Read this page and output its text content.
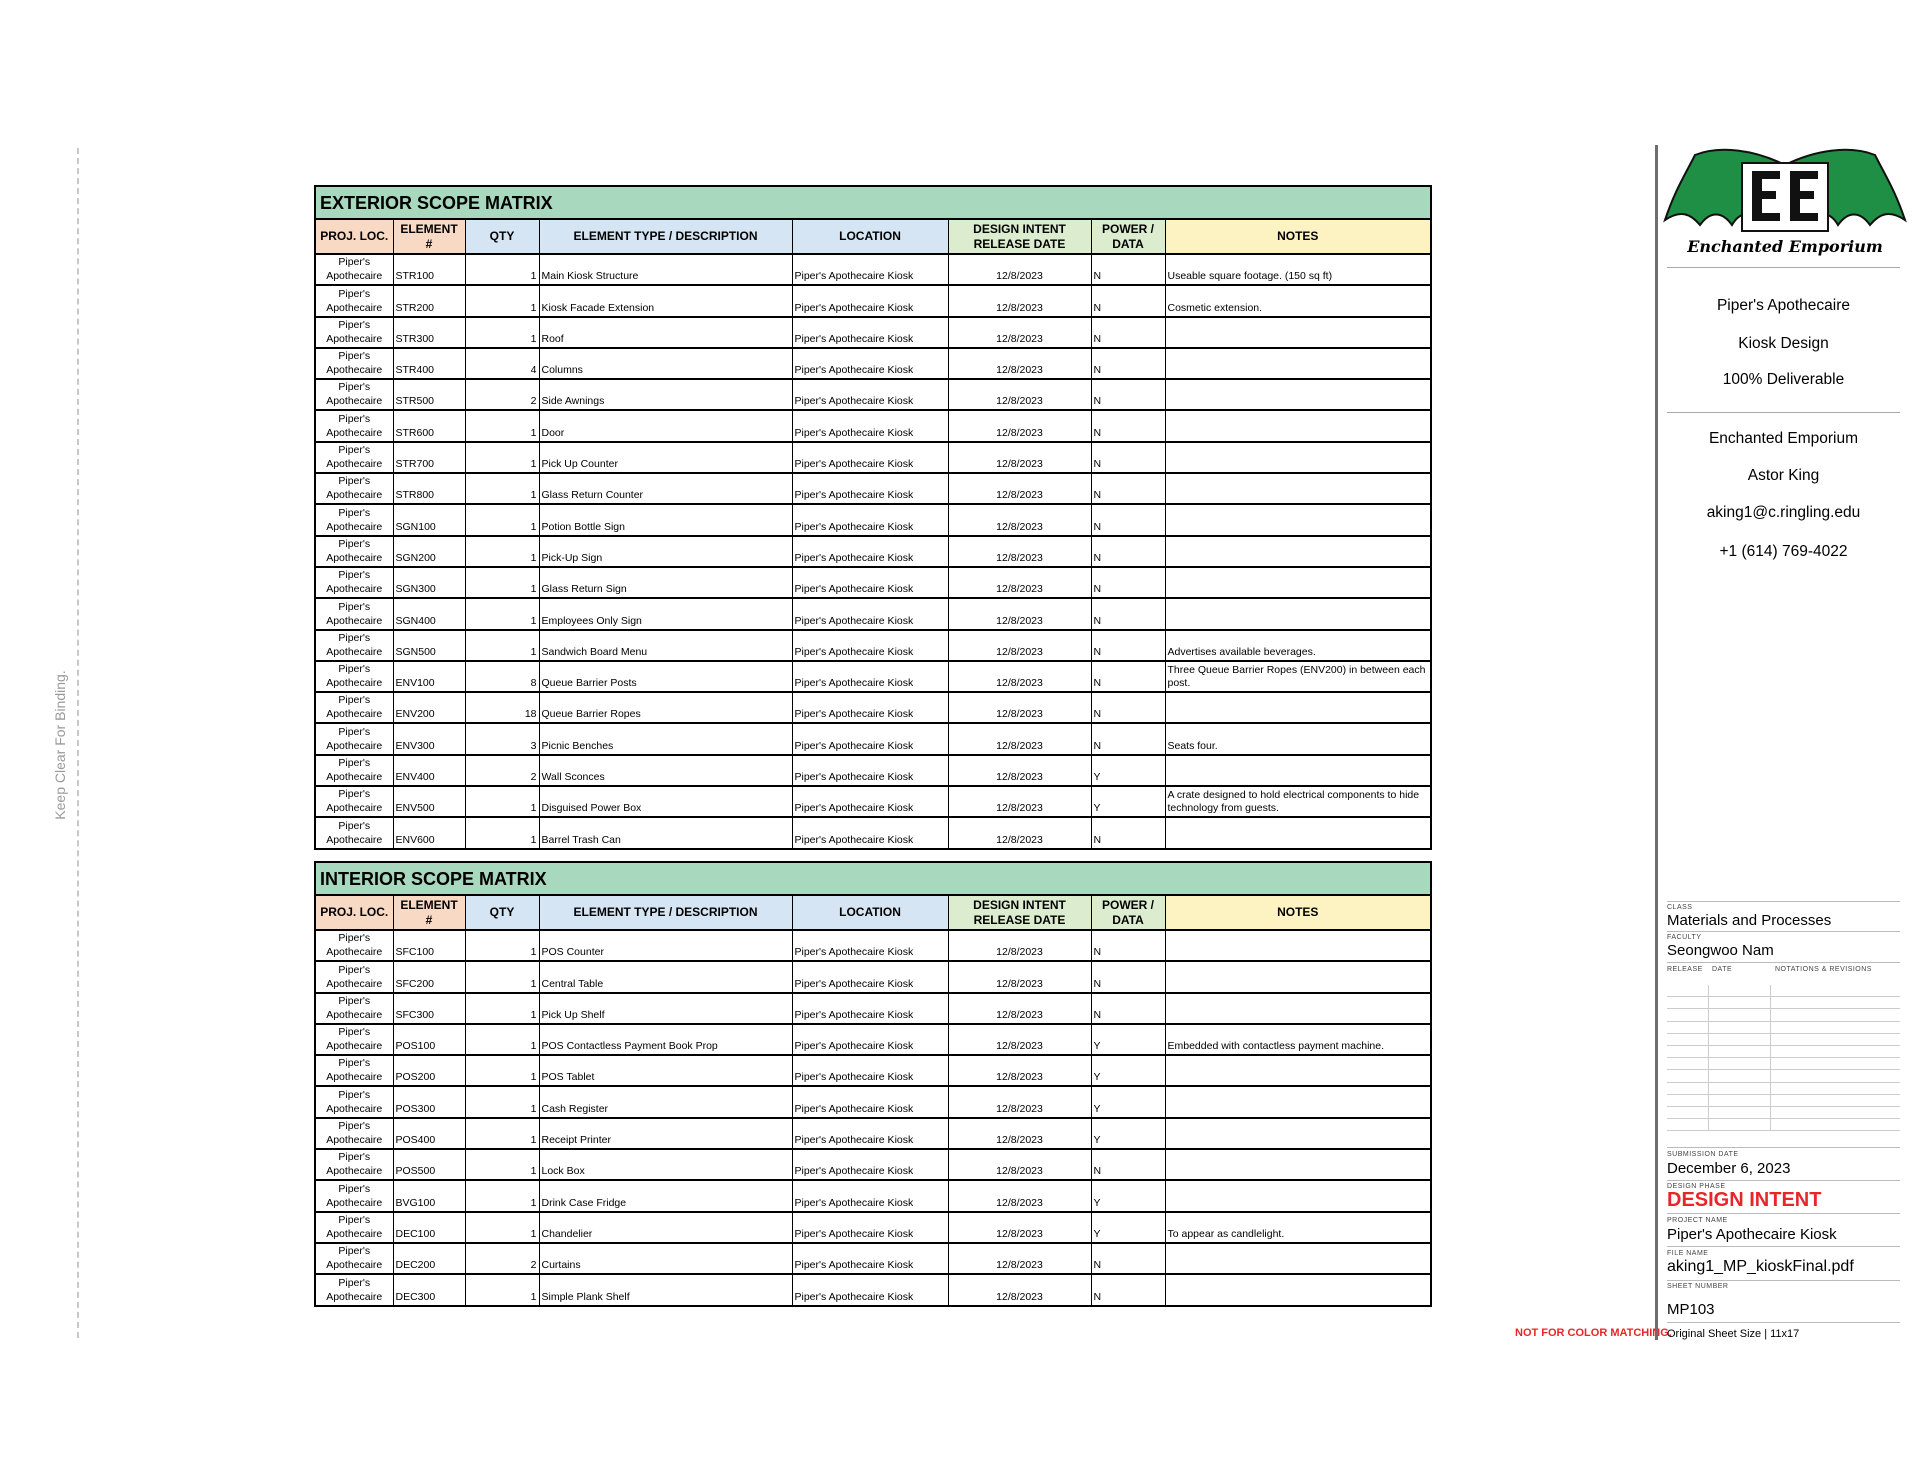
Keep Clear For Binding.
EXTERIOR SCOPE MATRIX
PROJ. LOC.	ELEMENT #	QTY	ELEMENT TYPE / DESCRIPTION	LOCATION	DESIGN INTENT RELEASE DATE	POWER / DATA	NOTES
Piper's Apothecaire	STR100	1	Main Kiosk Structure	Piper's Apothecaire Kiosk	12/8/2023	N	Useable square footage. (150 sq ft)
Piper's Apothecaire	STR200	1	Kiosk Facade Extension	Piper's Apothecaire Kiosk	12/8/2023	N	Cosmetic extension.
Piper's Apothecaire	STR300	1	Roof	Piper's Apothecaire Kiosk	12/8/2023	N	
Piper's Apothecaire	STR400	4	Columns	Piper's Apothecaire Kiosk	12/8/2023	N	
Piper's Apothecaire	STR500	2	Side Awnings	Piper's Apothecaire Kiosk	12/8/2023	N	
Piper's Apothecaire	STR600	1	Door	Piper's Apothecaire Kiosk	12/8/2023	N	
Piper's Apothecaire	STR700	1	Pick Up Counter	Piper's Apothecaire Kiosk	12/8/2023	N	
Piper's Apothecaire	STR800	1	Glass Return Counter	Piper's Apothecaire Kiosk	12/8/2023	N	
Piper's Apothecaire	SGN100	1	Potion Bottle Sign	Piper's Apothecaire Kiosk	12/8/2023	N	
Piper's Apothecaire	SGN200	1	Pick-Up Sign	Piper's Apothecaire Kiosk	12/8/2023	N	
Piper's Apothecaire	SGN300	1	Glass Return Sign	Piper's Apothecaire Kiosk	12/8/2023	N	
Piper's Apothecaire	SGN400	1	Employees Only Sign	Piper's Apothecaire Kiosk	12/8/2023	N	
Piper's Apothecaire	SGN500	1	Sandwich Board Menu	Piper's Apothecaire Kiosk	12/8/2023	N	Advertises available beverages.
Piper's Apothecaire	ENV100	8	Queue Barrier Posts	Piper's Apothecaire Kiosk	12/8/2023	N	Three Queue Barrier Ropes (ENV200) in between each post.
Piper's Apothecaire	ENV200	18	Queue Barrier Ropes	Piper's Apothecaire Kiosk	12/8/2023	N	
Piper's Apothecaire	ENV300	3	Picnic Benches	Piper's Apothecaire Kiosk	12/8/2023	N	Seats four.
Piper's Apothecaire	ENV400	2	Wall Sconces	Piper's Apothecaire Kiosk	12/8/2023	Y	
Piper's Apothecaire	ENV500	1	Disguised Power Box	Piper's Apothecaire Kiosk	12/8/2023	Y	A crate designed to hold electrical components to hide technology from guests.
Piper's Apothecaire	ENV600	1	Barrel Trash Can	Piper's Apothecaire Kiosk	12/8/2023	N	
INTERIOR SCOPE MATRIX
PROJ. LOC.	ELEMENT #	QTY	ELEMENT TYPE / DESCRIPTION	LOCATION	DESIGN INTENT RELEASE DATE	POWER / DATA	NOTES
Piper's Apothecaire	SFC100	1	POS Counter	Piper's Apothecaire Kiosk	12/8/2023	N	
Piper's Apothecaire	SFC200	1	Central Table	Piper's Apothecaire Kiosk	12/8/2023	N	
Piper's Apothecaire	SFC300	1	Pick Up Shelf	Piper's Apothecaire Kiosk	12/8/2023	N	
Piper's Apothecaire	POS100	1	POS Contactless Payment Book Prop	Piper's Apothecaire Kiosk	12/8/2023	Y	Embedded with contactless payment machine.
Piper's Apothecaire	POS200	1	POS Tablet	Piper's Apothecaire Kiosk	12/8/2023	Y	
Piper's Apothecaire	POS300	1	Cash Register	Piper's Apothecaire Kiosk	12/8/2023	Y	
Piper's Apothecaire	POS400	1	Receipt Printer	Piper's Apothecaire Kiosk	12/8/2023	Y	
Piper's Apothecaire	POS500	1	Lock Box	Piper's Apothecaire Kiosk	12/8/2023	N	
Piper's Apothecaire	BVG100	1	Drink Case Fridge	Piper's Apothecaire Kiosk	12/8/2023	Y	
Piper's Apothecaire	DEC100	1	Chandelier	Piper's Apothecaire Kiosk	12/8/2023	Y	To appear as candlelight.
Piper's Apothecaire	DEC200	2	Curtains	Piper's Apothecaire Kiosk	12/8/2023	N	
Piper's Apothecaire	DEC300	1	Simple Plank Shelf	Piper's Apothecaire Kiosk	12/8/2023	N	
NOT FOR COLOR MATCHING.
Enchanted Emporium
Piper's Apothecaire
Kiosk Design
100% Deliverable
Enchanted Emporium
Astor King
aking1@c.ringling.edu
+1 (614) 769-4022
CLASS
Materials and Processes
FACULTY
Seongwoo Nam
RELEASE DATE	NOTATIONS & REVISIONS
SUBMISSION DATE
December 6, 2023
DESIGN PHASE
DESIGN INTENT
PROJECT NAME
Piper's Apothecaire Kiosk
FILE NAME
aking1_MP_kioskFinal.pdf
SHEET NUMBER
MP103
Original Sheet Size | 11x17
